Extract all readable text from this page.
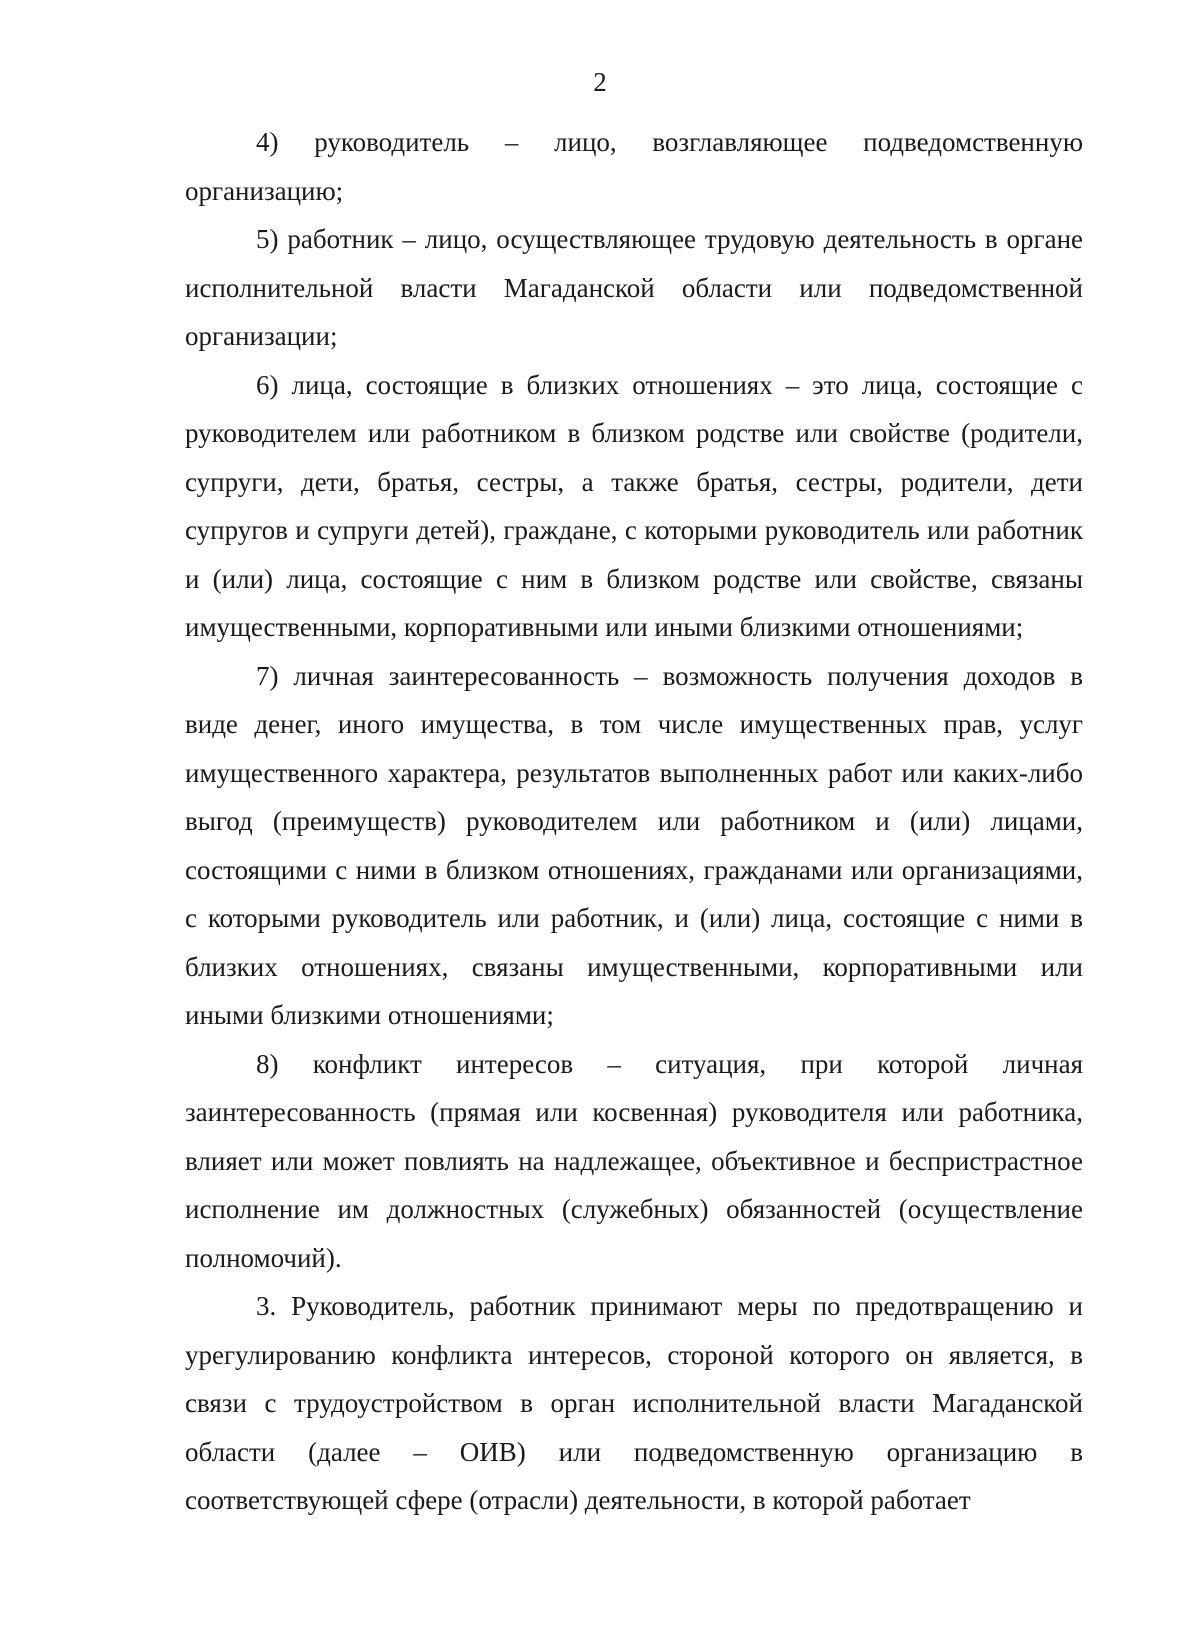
2

4) руководитель – лицо, возглавляющее подведомственную организацию;

5) работник – лицо, осуществляющее трудовую деятельность в органе исполнительной власти Магаданской области или подведомственной организации;

6) лица, состоящие в близких отношениях – это лица, состоящие с руководителем или работником в близком родстве или свойстве (родители, супруги, дети, братья, сестры, а также братья, сестры, родители, дети супругов и супруги детей), граждане, с которыми руководитель или работник и (или) лица, состоящие с ним в близком родстве или свойстве, связаны имущественными, корпоративными или иными близкими отношениями;

7) личная заинтересованность – возможность получения доходов в виде денег, иного имущества, в том числе имущественных прав, услуг имущественного характера, результатов выполненных работ или каких-либо выгод (преимуществ) руководителем или работником и (или) лицами, состоящими с ними в близком отношениях, гражданами или организациями, с которыми руководитель или работник, и (или) лица, состоящие с ними в близких отношениях, связаны имущественными, корпоративными или иными близкими отношениями;

8) конфликт интересов – ситуация, при которой личная заинтересованность (прямая или косвенная) руководителя или работника, влияет или может повлиять на надлежащее, объективное и беспристрастное исполнение им должностных (служебных) обязанностей (осуществление полномочий).

3. Руководитель, работник принимают меры по предотвращению и урегулированию конфликта интересов, стороной которого он является, в связи с трудоустройством в орган исполнительной власти Магаданской области (далее – ОИВ) или подведомственную организацию в соответствующей сфере (отрасли) деятельности, в которой работает
